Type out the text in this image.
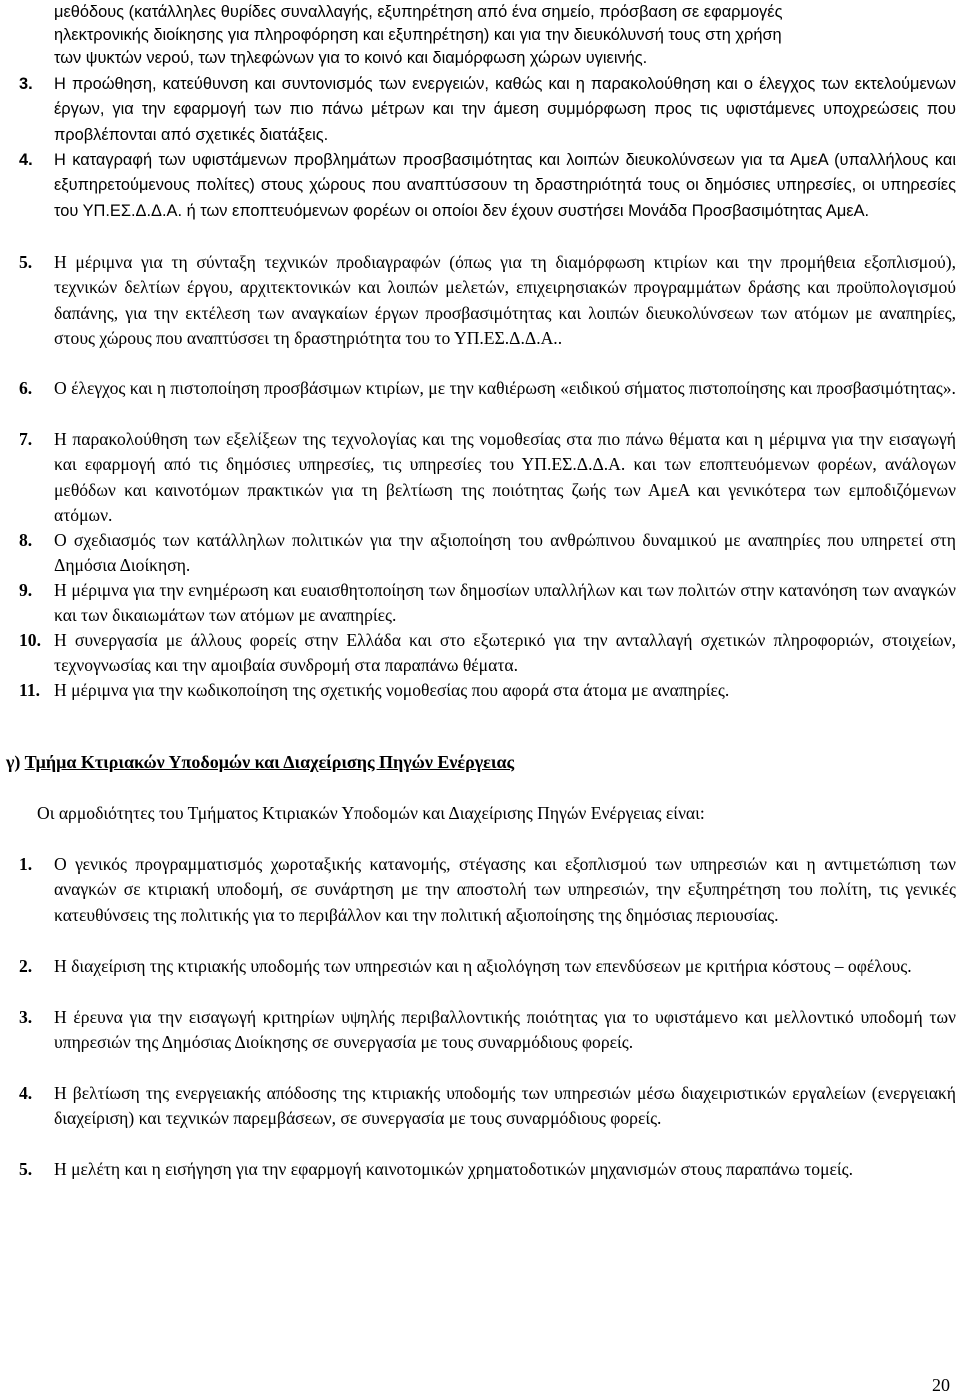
μεθόδους (κατάλληλες θυρίδες συναλλαγής, εξυπηρέτηση από ένα σημείο, πρόσβαση σε εφαρμογές
ηλεκτρονικής διοίκησης για πληροφόρηση και εξυπηρέτηση) και για την διευκόλυνσή τους στη χρήση
των ψυκτών νερού, των τηλεφώνων για το κοινό και διαμόρφωση χώρων υγιεινής.
3. Η προώθηση, κατεύθυνση και συντονισμός των ενεργειών, καθώς και η παρακολούθηση και ο έλεγχος των εκτελούμενων έργων, για την εφαρμογή των πιο πάνω μέτρων και την άμεση συμμόρφωση προς τις υφιστάμενες υποχρεώσεις που προβλέπονται από σχετικές διατάξεις.
4. Η καταγραφή των υφιστάμενων προβλημάτων προσβασιμότητας και λοιπών διευκολύνσεων για τα ΑμεΑ (υπαλλήλους και εξυπηρετούμενους πολίτες) στους χώρους που αναπτύσσουν τη δραστηριότητά τους οι δημόσιες υπηρεσίες, οι υπηρεσίες του ΥΠ.ΕΣ.Δ.Δ.Α. ή των εποπτευόμενων φορέων οι οποίοι δεν έχουν συστήσει Μονάδα Προσβασιμότητας ΑμεΑ.
5. Η μέριμνα για τη σύνταξη τεχνικών προδιαγραφών (όπως για τη διαμόρφωση κτιρίων και την προμήθεια εξοπλισμού), τεχνικών δελτίων έργου, αρχιτεκτονικών και λοιπών μελετών, επιχειρησιακών προγραμμάτων δράσης και προϋπολογισμού δαπάνης, για την εκτέλεση των αναγκαίων έργων προσβασιμότητας και λοιπών διευκολύνσεων των ατόμων με αναπηρίες, στους χώρους που αναπτύσσει τη δραστηριότητα του το ΥΠ.ΕΣ.Δ.Δ.Α..
6. Ο έλεγχος και η πιστοποίηση προσβάσιμων κτιρίων, με την καθιέρωση «ειδικού σήματος πιστοποίησης και προσβασιμότητας».
7. Η παρακολούθηση των εξελίξεων της τεχνολογίας και της νομοθεσίας στα πιο πάνω θέματα και η μέριμνα για την εισαγωγή και εφαρμογή από τις δημόσιες υπηρεσίες, τις υπηρεσίες του ΥΠ.ΕΣ.Δ.Δ.Α. και των εποπτευόμενων φορέων, ανάλογων μεθόδων και καινοτόμων πρακτικών για τη βελτίωση της ποιότητας ζωής των ΑμεΑ και γενικότερα των εμποδιζόμενων ατόμων.
8. Ο σχεδιασμός των κατάλληλων πολιτικών για την αξιοποίηση του ανθρώπινου δυναμικού με αναπηρίες που υπηρετεί στη Δημόσια Διοίκηση.
9. Η μέριμνα για την ενημέρωση και ευαισθητοποίηση των δημοσίων υπαλλήλων και των πολιτών στην κατανόηση των αναγκών και των δικαιωμάτων των ατόμων με αναπηρίες.
10. Η συνεργασία με άλλους φορείς στην Ελλάδα και στο εξωτερικό για την ανταλλαγή σχετικών πληροφοριών, στοιχείων, τεχνογνωσίας και την αμοιβαία συνδρομή στα παραπάνω θέματα.
11. Η μέριμνα για την κωδικοποίηση της σχετικής νομοθεσίας που αφορά στα άτομα με αναπηρίες.
γ) Τμήμα Κτιριακών Υποδομών και Διαχείρισης Πηγών Ενέργειας
Οι αρμοδιότητες του Τμήματος Κτιριακών Υποδομών και Διαχείρισης Πηγών Ενέργειας είναι:
1. Ο γενικός προγραμματισμός χωροταξικής κατανομής, στέγασης και εξοπλισμού των υπηρεσιών και η αντιμετώπιση των αναγκών σε κτιριακή υποδομή, σε συνάρτηση με την αποστολή των υπηρεσιών, την εξυπηρέτηση του πολίτη, τις γενικές κατευθύνσεις της πολιτικής για το περιβάλλον και την πολιτική αξιοποίησης της δημόσιας περιουσίας.
2. Η διαχείριση της κτιριακής υποδομής των υπηρεσιών και η αξιολόγηση των επενδύσεων με κριτήρια κόστους – οφέλους.
3. Η έρευνα για την εισαγωγή κριτηρίων υψηλής περιβαλλοντικής ποιότητας για το υφιστάμενο και μελλοντικό υποδομή των υπηρεσιών της Δημόσιας Διοίκησης σε συνεργασία με τους συναρμόδιους φορείς.
4. Η βελτίωση της ενεργειακής απόδοσης της κτιριακής υποδομής των υπηρεσιών μέσω διαχειριστικών εργαλείων (ενεργειακή διαχείριση) και τεχνικών παρεμβάσεων, σε συνεργασία με τους συναρμόδιους φορείς.
5. Η μελέτη και η εισήγηση για την εφαρμογή καινοτομικών χρηματοδοτικών μηχανισμών στους παραπάνω τομείς.
20
